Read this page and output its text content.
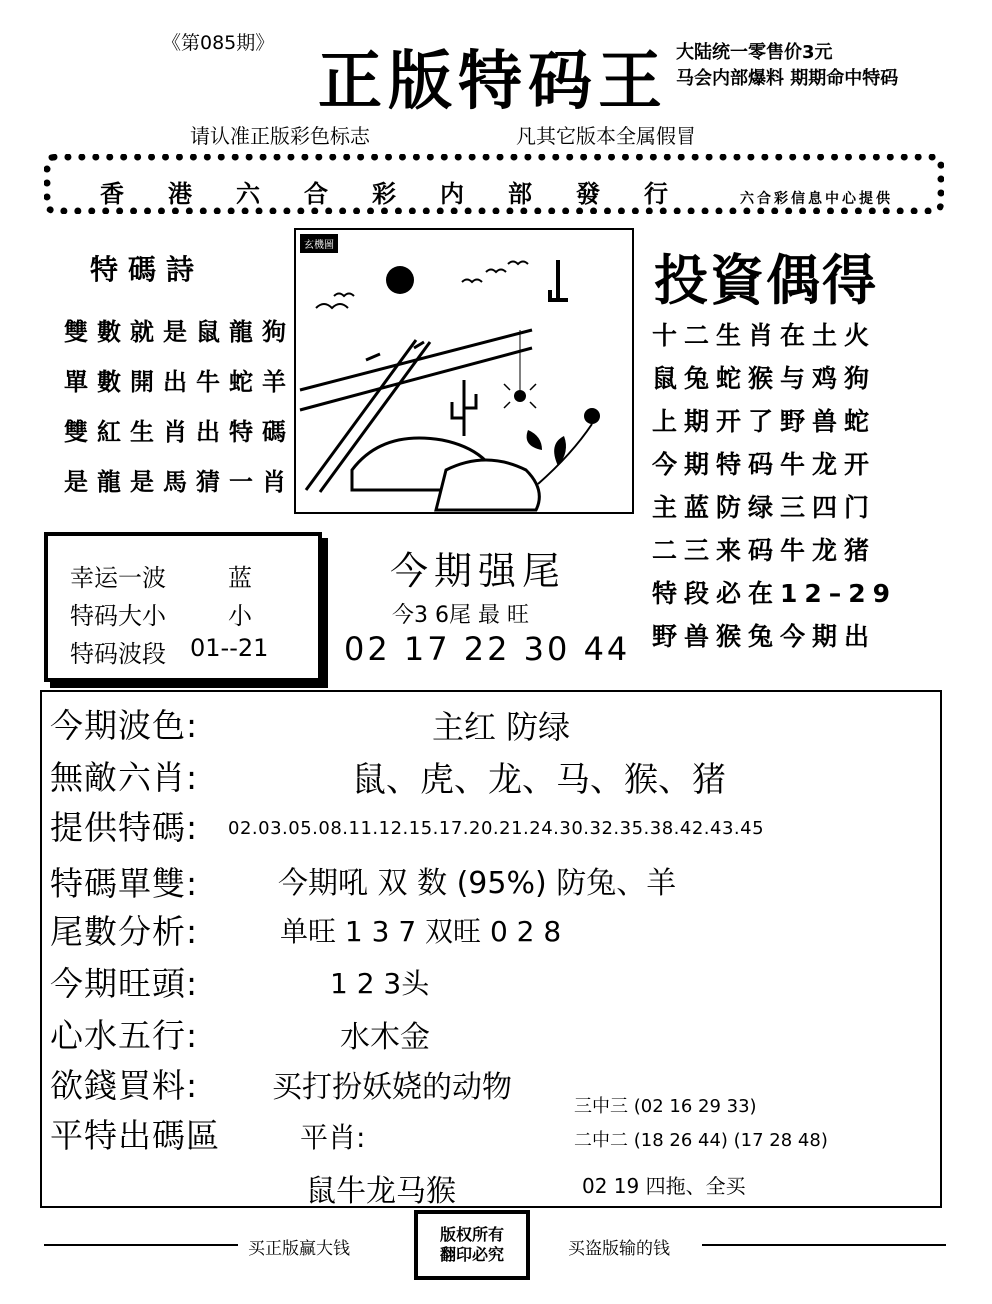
《第085期》
正版特码王 大陆统一零售价3元
马会内部爆料 期期命中特码
请认准正版彩色标志	凡其它版本全属假冒
香港六合彩内部發行 六合彩信息中心提供
特碼詩
雙數就是鼠龍狗
單數開出牛蛇羊
雙紅生肖出特碼
是龍是馬猜一肖
玄機圖
投資偶得
十二生肖在土火
鼠兔蛇猴与鸡狗
上期开了野兽蛇
今期特码牛龙开
主蓝防绿三四门
二三来码牛龙猪
特段必在12–29
野兽猴兔今期出
幸运一波	蓝
特码大小	小
特码波段 01--21
今期强尾
今3 6尾 最 旺
02 17 22 30 44
今期波色:	主红 防绿
無敵六肖:	鼠、虎、龙、马、猴、猪
提供特碼: 02.03.05.08.11.12.15.17.20.21.24.30.32.35.38.42.43.45
特碼單雙:	今期吼 双 数 (95%) 防兔、羊
尾數分析:	单旺 1 3 7 双旺 0 2 8
今期旺頭:	1 2 3头
心水五行:	水木金
欲錢買料: 买打扮妖娆的动物
平特出碼區	平肖:
鼠牛龙马猴
三中三 (02 16 29 33)
二中二 (18 26 44) (17 28 48)
02 19 四拖、全买
买正版赢大钱
版权所有
翻印必究	买盗版输的钱
